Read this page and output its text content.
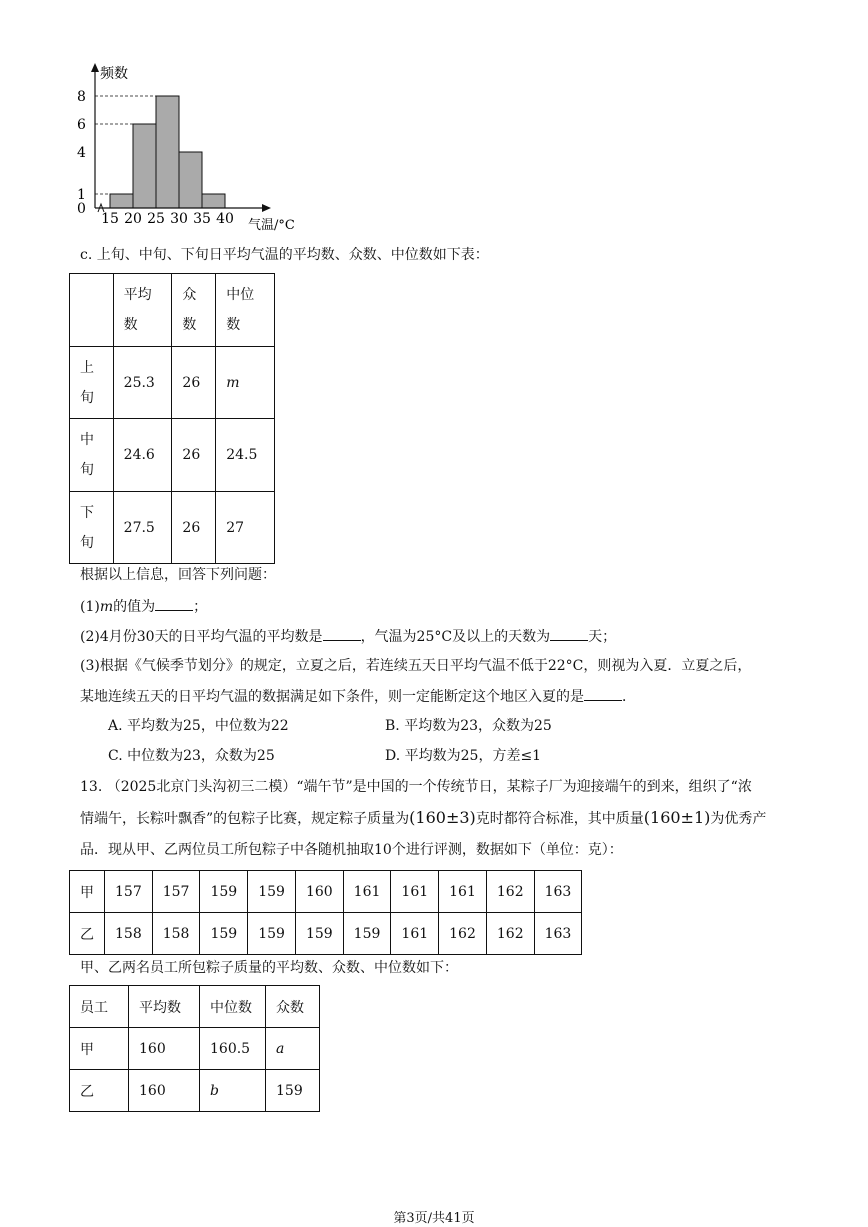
频数
气温/°C
8
6
4
1
0
15 20 25 30 35 40
c. 上旬、中旬、下旬日平均气温的平均数、众数、中位数如下表：
	平均数	众数	中位数
上旬	25.3	26	m
中旬	24.6	26	24.5
下旬	27.5	26	27
根据以上信息，回答下列问题：
(1)m的值为	；
(2)4月份30天的日平均气温的平均数是	，气温为25°C及以上的天数为	天；
(3)根据《气候季节划分》的规定，立夏之后，若连续五天日平均气温不低于22°C，则视为入夏．立夏之后，
某地连续五天的日平均气温的数据满足如下条件，则一定能断定这个地区入夏的是	．
A. 平均数为25，中位数为22	B. 平均数为23，众数为25
C. 中位数为23，众数为25	D. 平均数为25，方差≤1
13. （2025北京门头沟初三二模）“端午节”是中国的一个传统节日，某粽子厂为迎接端午的到来，组织了“浓
情端午，长粽叶飘香”的包粽子比赛，规定粽子质量为(160±3)克时都符合标准，其中质量(160±1)为优秀产
品．现从甲、乙两位员工所包粽子中各随机抽取10个进行评测，数据如下（单位：克）：
甲	157	157	159	159	160	161	161	161	162	163
乙	158	158	159	159	159	159	161	162	162	163
甲、乙两名员工所包粽子质量的平均数、众数、中位数如下：
员工	平均数	中位数	众数
甲	160	160.5	a
乙	160	b	159
第3页/共41页
